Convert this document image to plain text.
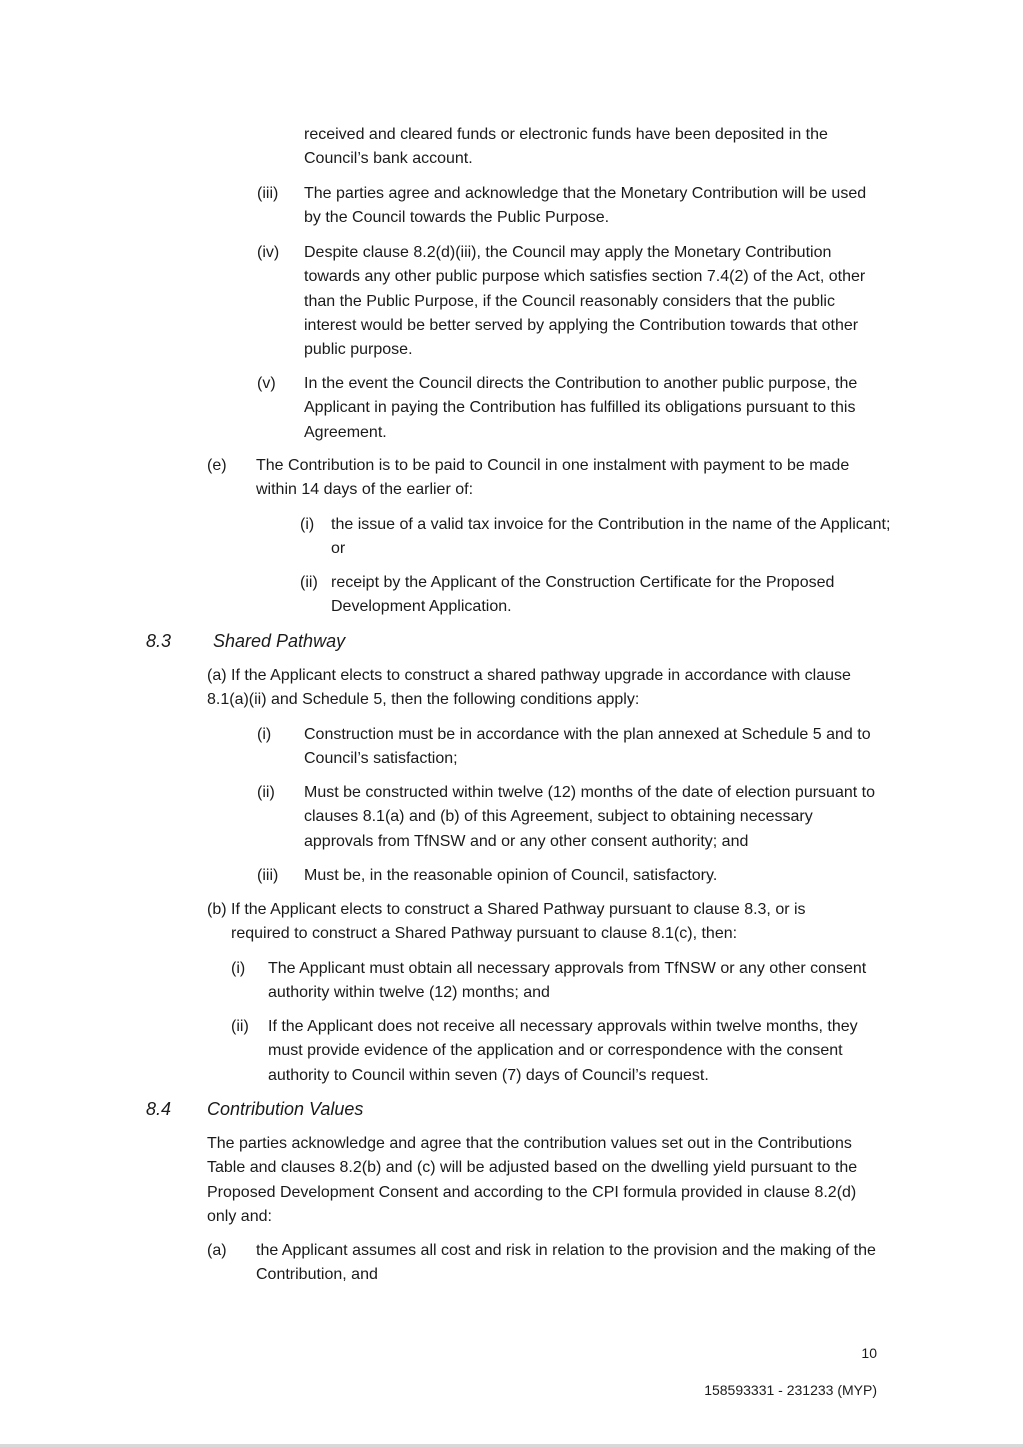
received and cleared funds or electronic funds have been deposited in the Council’s bank account.

(iii) The parties agree and acknowledge that the Monetary Contribution will be used by the Council towards the Public Purpose.

(iv) Despite clause 8.2(d)(iii), the Council may apply the Monetary Contribution towards any other public purpose which satisfies section 7.4(2) of the Act, other than the Public Purpose, if the Council reasonably considers that the public interest would be better served by applying the Contribution towards that other public purpose.

(v) In the event the Council directs the Contribution to another public purpose, the Applicant in paying the Contribution has fulfilled its obligations pursuant to this Agreement.

(e) The Contribution is to be paid to Council in one instalment with payment to be made within 14 days of the earlier of:

(i) the issue of a valid tax invoice for the Contribution in the name of the Applicant; or

(ii) receipt by the Applicant of the Construction Certificate for the Proposed Development Application.

8.3 Shared Pathway

(a) If the Applicant elects to construct a shared pathway upgrade in accordance with clause 8.1(a)(ii) and Schedule 5, then the following conditions apply:

(i) Construction must be in accordance with the plan annexed at Schedule 5 and to Council’s satisfaction;

(ii) Must be constructed within twelve (12) months of the date of election pursuant to clauses 8.1(a) and (b) of this Agreement, subject to obtaining necessary approvals from TfNSW and or any other consent authority; and

(iii) Must be, in the reasonable opinion of Council, satisfactory.

(b) If the Applicant elects to construct a Shared Pathway pursuant to clause 8.3, or is required to construct a Shared Pathway pursuant to clause 8.1(c), then:

(i) The Applicant must obtain all necessary approvals from TfNSW or any other consent authority within twelve (12) months; and

(ii) If the Applicant does not receive all necessary approvals within twelve months, they must provide evidence of the application and or correspondence with the consent authority to Council within seven (7) days of Council’s request.

8.4 Contribution Values

The parties acknowledge and agree that the contribution values set out in the Contributions Table and clauses 8.2(b) and (c) will be adjusted based on the dwelling yield pursuant to the Proposed Development Consent and according to the CPI formula provided in clause 8.2(d) only and:

(a) the Applicant assumes all cost and risk in relation to the provision and the making of the Contribution, and

10
158593331 - 231233 (MYP)
